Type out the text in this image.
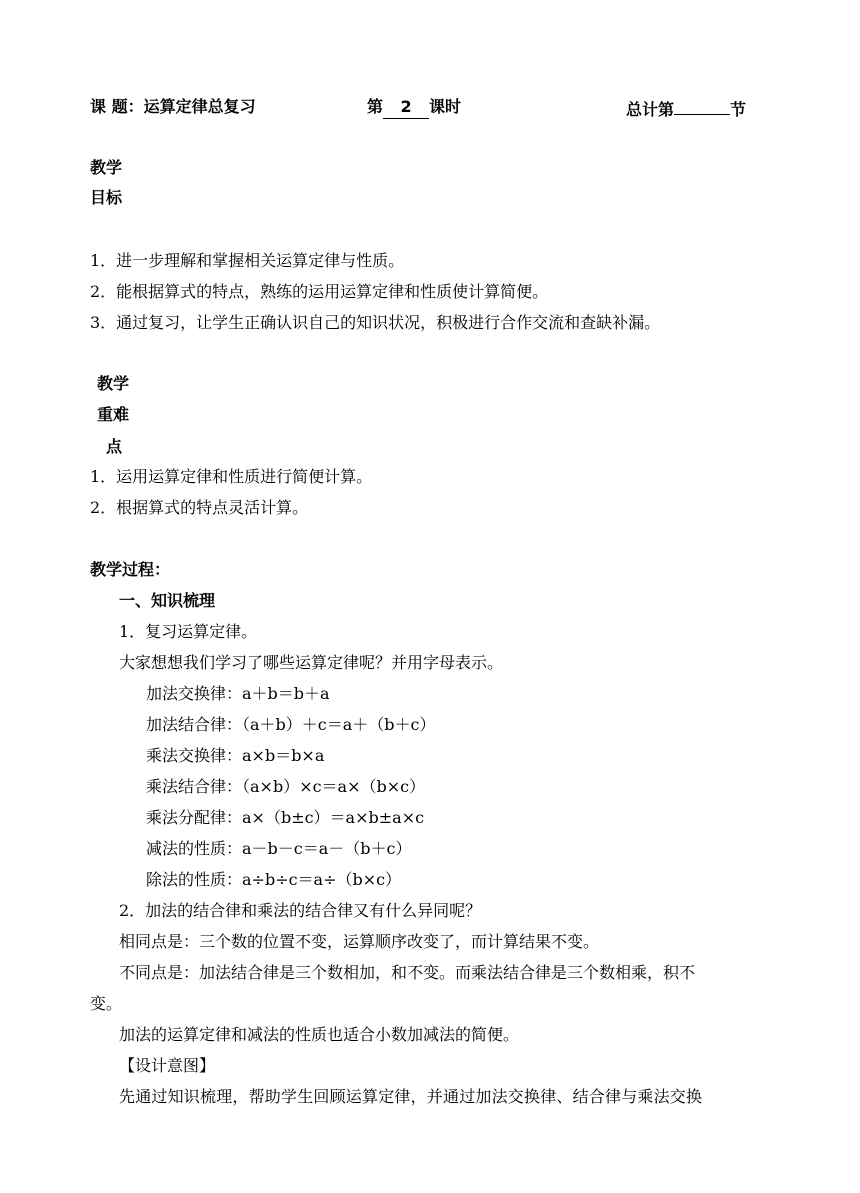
课 题：运算定律总复习	第 2 课时	总计第	节
教学
目标
1．进一步理解和掌握相关运算定律与性质。
2．能根据算式的特点，熟练的运用运算定律和性质使计算简便。
3．通过复习，让学生正确认识自己的知识状况，积极进行合作交流和查缺补漏。
教学
重难
点
1．运用运算定律和性质进行简便计算。
2．根据算式的特点灵活计算。
教学过程：
一、知识梳理
1．复习运算定律。
大家想想我们学习了哪些运算定律呢？并用字母表示。
加法交换律：a＋b＝b＋a
加法结合律：（a＋b）＋c＝a＋（b＋c）
乘法交换律：a×b＝b×a
乘法结合律：（a×b）×c＝a×（b×c）
乘法分配律：a×（b±c）＝a×b±a×c
减法的性质：a－b－c＝a－（b＋c）
除法的性质：a÷b÷c＝a÷（b×c）
2．加法的结合律和乘法的结合律又有什么异同呢？
相同点是：三个数的位置不变，运算顺序改变了，而计算结果不变。
不同点是：加法结合律是三个数相加，和不变。而乘法结合律是三个数相乘，积不
变。
加法的运算定律和减法的性质也适合小数加减法的简便。
【设计意图】
先通过知识梳理，帮助学生回顾运算定律，并通过加法交换律、结合律与乘法交换
